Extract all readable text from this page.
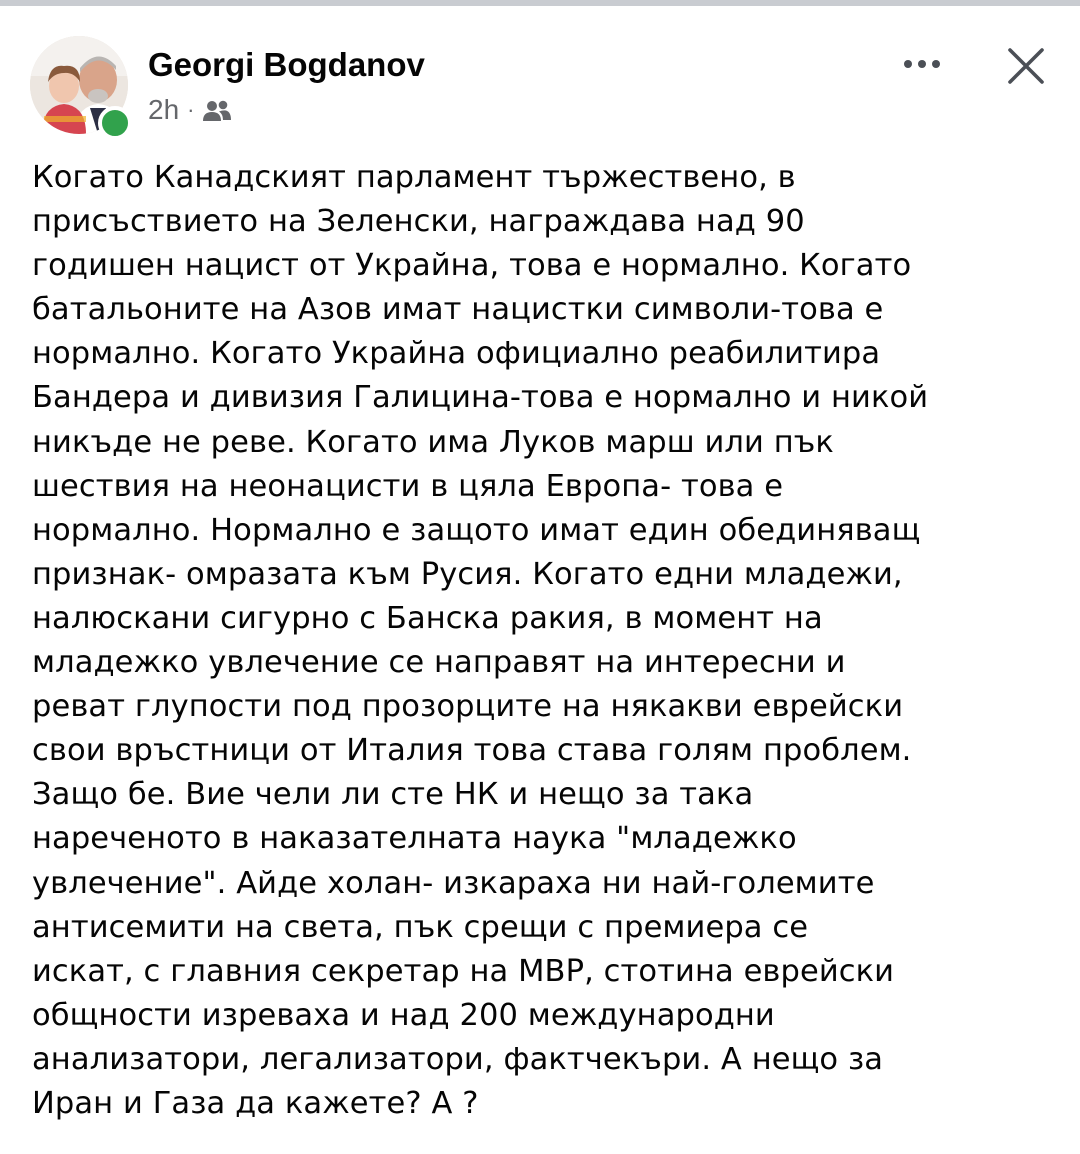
Georgi Bogdanov
2h ·
Когато Канадският парламент тържествено, в
присъствието на Зеленски, награждава над 90
годишен нацист от Украйна, това е нормално. Когато
батальоните на Азов имат нацистки символи-това е
нормално. Когато Украйна официално реабилитира
Бандера и дивизия Галицина-това е нормално и никой
никъде не реве. Когато има Луков марш или пък
шествия на неонацисти в цяла Европа- това е
нормално. Нормално е защото имат един обединяващ
признак- омразата към Русия. Когато едни младежи,
налюскани сигурно с Банска ракия, в момент на
младежко увлечение се направят на интересни и
реват глупости под прозорците на някакви еврейски
свои връстници от Италия това става голям проблем.
Защо бе. Вие чели ли сте НК и нещо за така
нареченото в наказателната наука "младежко
увлечение". Айде холан- изкараха ни най-големите
антисемити на света, пък срещи с премиера се
искат, с главния секретар на МВР, стотина еврейски
общности изреваха и над 200 международни
анализатори, легализатори, фактчекъри. А нещо за
Иран и Газа да кажете? А ?
